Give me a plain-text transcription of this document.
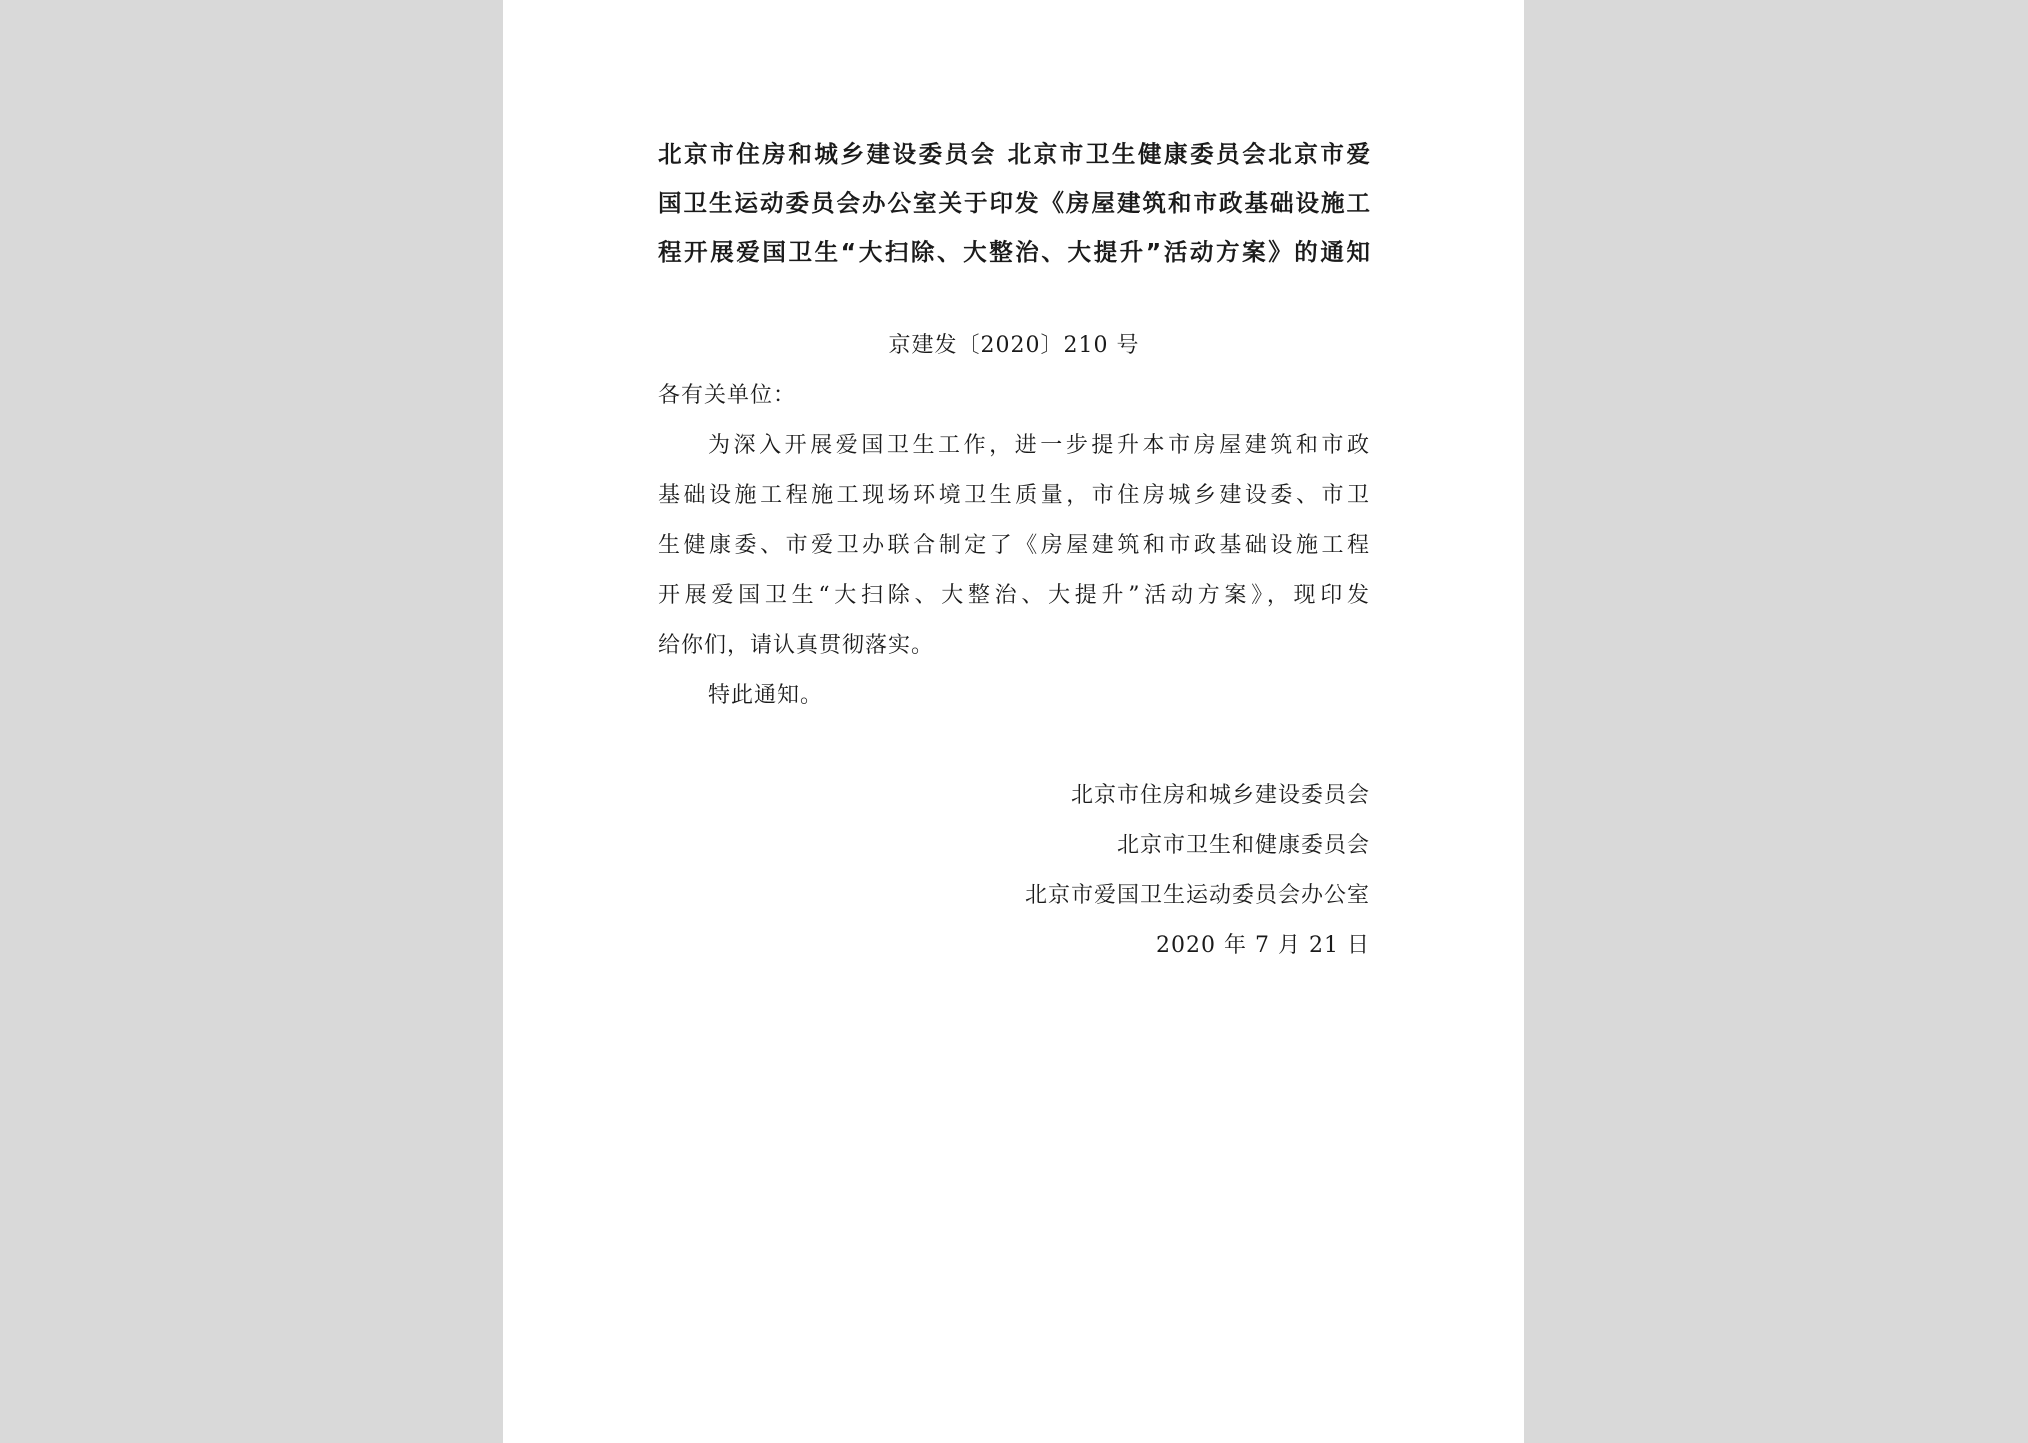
北京市住房和城乡建设委员会 北京市卫生健康委员会北京市爱
国卫生运动委员会办公室关于印发《房屋建筑和市政基础设施工
程开展爱国卫生“大扫除、大整治、大提升”活动方案》的通知
京建发〔2020〕210 号

各有关单位：

为深入开展爱国卫生工作，进一步提升本市房屋建筑和市政
基础设施工程施工现场环境卫生质量，市住房城乡建设委、市卫
生健康委、市爱卫办联合制定了《房屋建筑和市政基础设施工程
开展爱国卫生“大扫除、大整治、大提升”活动方案》，现印发
给你们，请认真贯彻落实。

特此通知。

北京市住房和城乡建设委员会
北京市卫生和健康委员会
北京市爱国卫生运动委员会办公室
2020 年 7 月 21 日
